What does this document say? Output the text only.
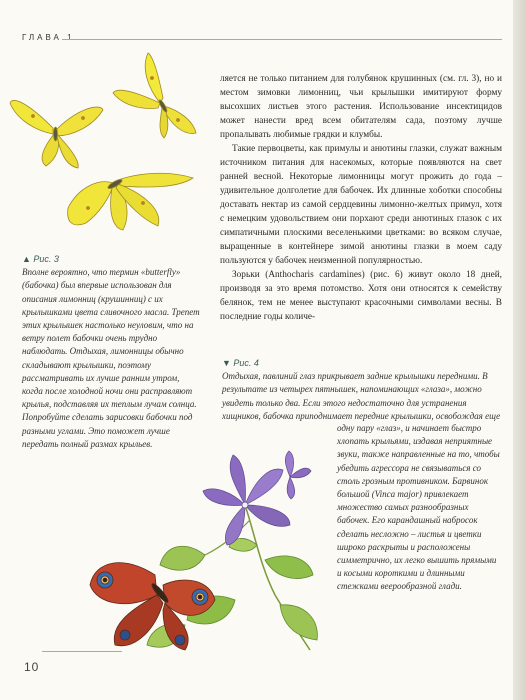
ГЛАВА 1
▲ Рис. 3
Вполне вероятно, что термин «butterfly» (бабочка) был впервые использован для описания лимонниц (крушинниц) с их крылышками цвета сливочного масла. Трепет этих крылышек настолько неуловим, что на ветру полет бабочки очень трудно наблюдать. Отдыхая, лимонницы обычно складывают крылышки, поэтому рассматривать их лучше ранним утром, когда после холодной ночи они расправляют крылья, подставляя их теплым лучам солнца. Попробуйте сделать зарисовки бабочки под разными углами. Это поможет лучше передать полный размах крыльев.

ляется не только питанием для голубянок крушинных (см. гл. 3), но и местом зимовки лимонниц, чьи крылышки имитируют форму высохших листьев этого растения. Использование инсектицидов может нанести вред всем обитателям сада, поэтому лучше пропалывать любимые грядки и клумбы.

Такие первоцветы, как примулы и анютины глазки, служат важным источником питания для насекомых, которые появляются на свет ранней весной. Некоторые лимонницы могут прожить до года – удивительное долголетие для бабочек. Их длинные хоботки способны доставать нектар из самой сердцевины лимонно-желтых примул, хотя с немецким удовольствием они порхают среди анютиных глазок с их симпатичными плоскими веселенькими цветками: во всяком случае, выращенные в контейнере зимой анютины глазки в моем саду пользуются у бабочек неизменной популярностью.

Зорьки (Anthocharis cardamines) (рис. 6) живут около 18 дней, производя за это время потомство. Хотя они относятся к семейству белянок, тем не менее выступают красочными символами весны. В последние годы количе-

▼ Рис. 4
Отдыхая, павлиний глаз прикрывает задние крылышки передними. В результате из четырех пятнышек, напоминающих «глаза», можно увидеть только два. Если этого недостаточно для устранения хищников, бабочка приподнимает передние крылышки, освобождая еще
одну пару «глаз», и начинает быстро хлопать крыльями, издавая неприятные звуки, также направленные на то, чтобы убедить агрессора не связываться со столь грозным противником. Барвинок большой (Vinca major) привлекает множество самых разнообразных бабочек. Его карандашный набросок сделать несложно – листья и цветки широко раскрыты и расположены симметрично, их легко вышить прямыми и косыми короткими и длинными стежками веерообразной глади.
10
